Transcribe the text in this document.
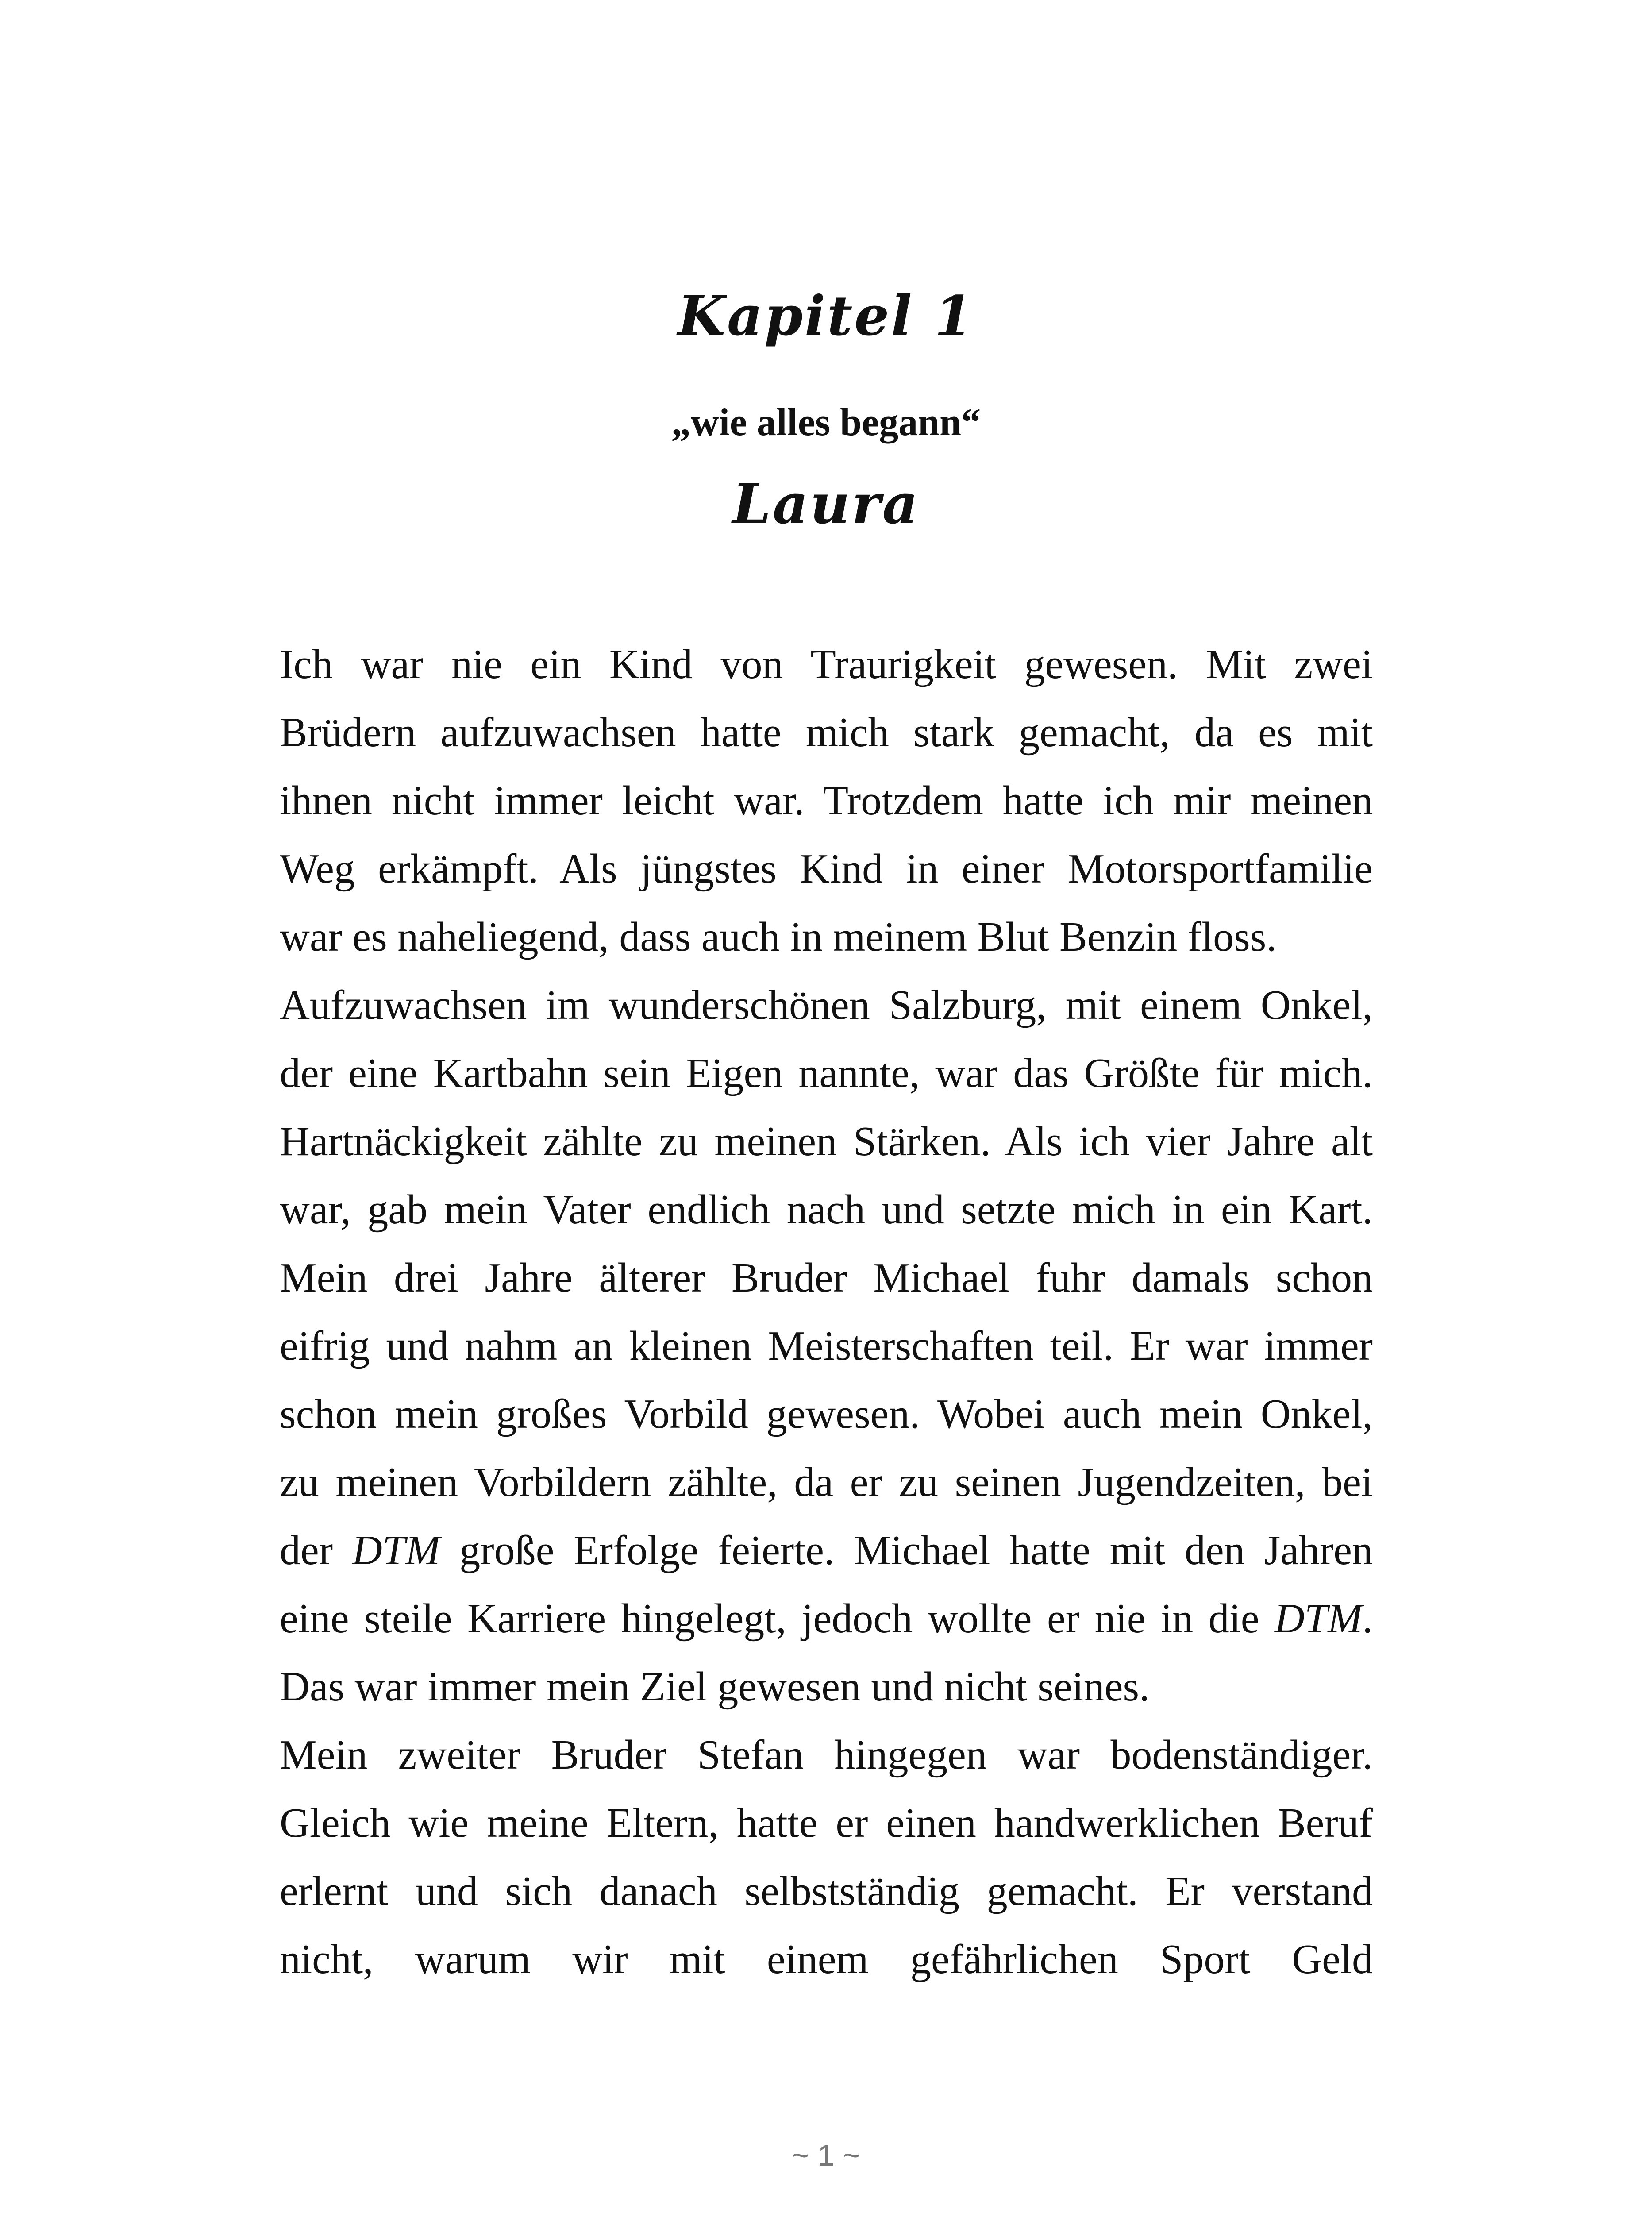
Kapitel 1
„wie alles begann“
Laura
Ich war nie ein Kind von Traurigkeit gewesen. Mit zwei
Brüdern aufzuwachsen hatte mich stark gemacht, da es mit
ihnen nicht immer leicht war. Trotzdem hatte ich mir meinen
Weg erkämpft. Als jüngstes Kind in einer Motorsportfamilie
war es naheliegend, dass auch in meinem Blut Benzin floss.
Aufzuwachsen im wunderschönen Salzburg, mit einem Onkel,
der eine Kartbahn sein Eigen nannte, war das Größte für mich.
Hartnäckigkeit zählte zu meinen Stärken. Als ich vier Jahre alt
war, gab mein Vater endlich nach und setzte mich in ein Kart.
Mein drei Jahre älterer Bruder Michael fuhr damals schon
eifrig und nahm an kleinen Meisterschaften teil. Er war immer
schon mein großes Vorbild gewesen. Wobei auch mein Onkel,
zu meinen Vorbildern zählte, da er zu seinen Jugendzeiten, bei
der DTM große Erfolge feierte. Michael hatte mit den Jahren
eine steile Karriere hingelegt, jedoch wollte er nie in die DTM.
Das war immer mein Ziel gewesen und nicht seines.
Mein zweiter Bruder Stefan hingegen war bodenständiger.
Gleich wie meine Eltern, hatte er einen handwerklichen Beruf
erlernt und sich danach selbstständig gemacht. Er verstand
nicht, warum wir mit einem gefährlichen Sport Geld
~ 1 ~
